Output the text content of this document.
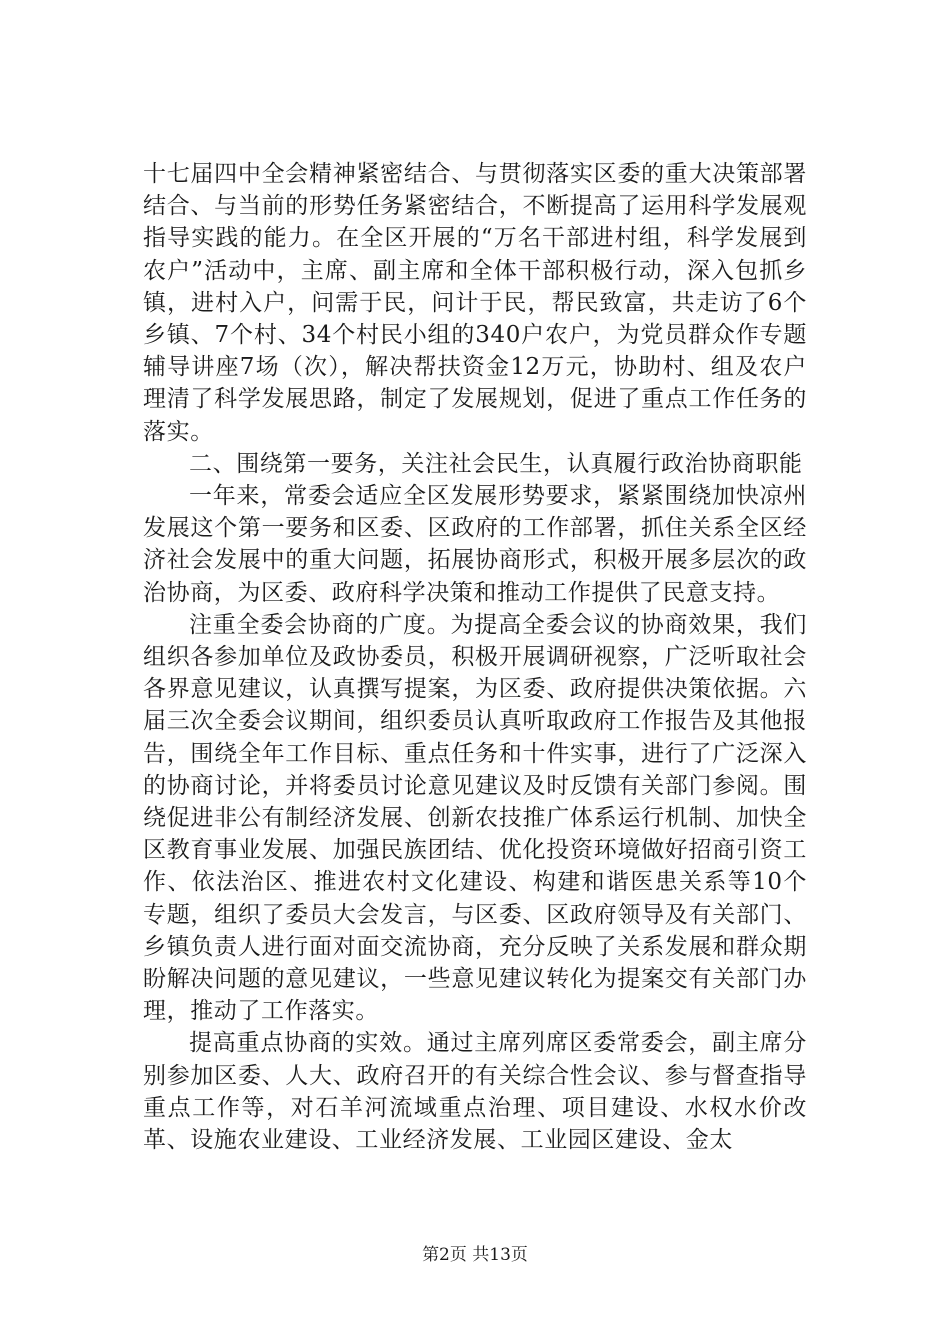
十七届四中全会精神紧密结合、与贯彻落实区委的重大决策部署结合、与当前的形势任务紧密结合，不断提高了运用科学发展观指导实践的能力。在全区开展的“万名干部进村组，科学发展到农户”活动中，主席、副主席和全体干部积极行动，深入包抓乡镇，进村入户，问需于民，问计于民，帮民致富，共走访了6个乡镇、7个村、34个村民小组的340户农户，为党员群众作专题辅导讲座7场（次），解决帮扶资金12万元，协助村、组及农户理清了科学发展思路，制定了发展规划，促进了重点工作任务的落实。

二、围绕第一要务，关注社会民生，认真履行政治协商职能

一年来，常委会适应全区发展形势要求，紧紧围绕加快凉州发展这个第一要务和区委、区政府的工作部署，抓住关系全区经济社会发展中的重大问题，拓展协商形式，积极开展多层次的政治协商，为区委、政府科学决策和推动工作提供了民意支持。

注重全委会协商的广度。为提高全委会议的协商效果，我们组织各参加单位及政协委员，积极开展调研视察，广泛听取社会各界意见建议，认真撰写提案，为区委、政府提供决策依据。六届三次全委会议期间，组织委员认真听取政府工作报告及其他报告，围绕全年工作目标、重点任务和十件实事，进行了广泛深入的协商讨论，并将委员讨论意见建议及时反馈有关部门参阅。围绕促进非公有制经济发展、创新农技推广体系运行机制、加快全区教育事业发展、加强民族团结、优化投资环境做好招商引资工作、依法治区、推进农村文化建设、构建和谐医患关系等10个专题，组织了委员大会发言，与区委、区政府领导及有关部门、乡镇负责人进行面对面交流协商，充分反映了关系发展和群众期盼解决问题的意见建议，一些意见建议转化为提案交有关部门办理，推动了工作落实。

提高重点协商的实效。通过主席列席区委常委会，副主席分别参加区委、人大、政府召开的有关综合性会议、参与督查指导重点工作等，对石羊河流域重点治理、项目建设、水权水价改革、设施农业建设、工业经济发展、工业园区建设、金太

第2页 共13页
